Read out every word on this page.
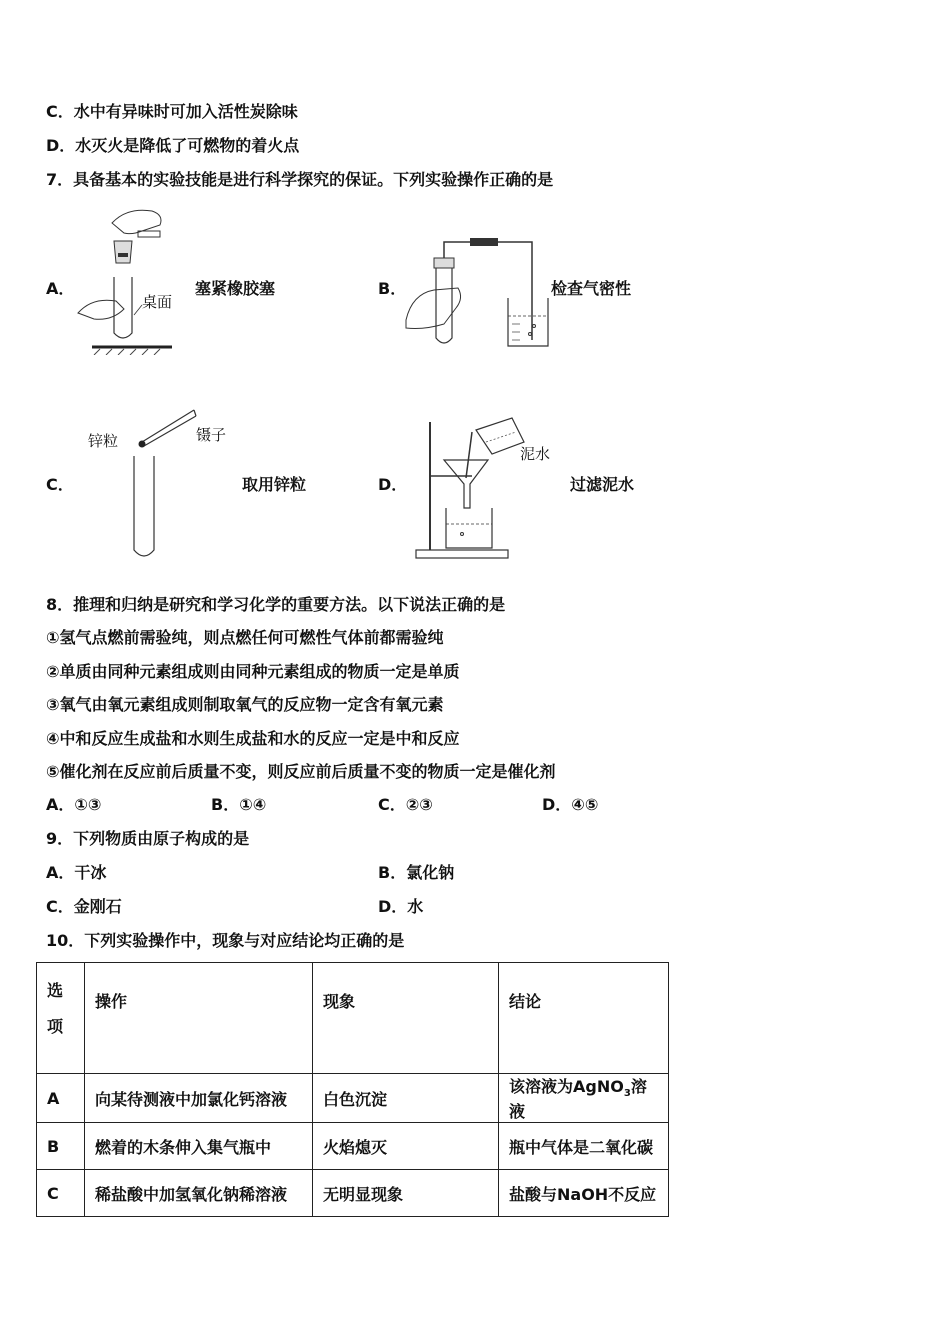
C．水中有异味时可加入活性炭除味
D．水灭火是降低了可燃物的着火点
7．具备基本的实验技能是进行科学探究的保证。下列实验操作正确的是
A．
桌面
塞紧橡胶塞	B．	检查气密性
C．
锌粒	镊子
取用锌粒	D．
泥水
过滤泥水
8．推理和归纳是研究和学习化学的重要方法。以下说法正确的是
①氢气点燃前需验纯，则点燃任何可燃性气体前都需验纯
②单质由同种元素组成则由同种元素组成的物质一定是单质
③氧气由氧元素组成则制取氧气的反应物一定含有氧元素
④中和反应生成盐和水则生成盐和水的反应一定是中和反应
⑤催化剂在反应前后质量不变，则反应前后质量不变的物质一定是催化剂
A．①③	B．①④	C．②③	D．④⑤
9．下列物质由原子构成的是
A．干冰	B．氯化钠
C．金刚石	D．水
10．下列实验操作中，现象与对应结论均正确的是
选
项	操作	现象	结论
A	向某待测液中加氯化钙溶液	白色沉淀	该溶液为AgNO$_3$溶液
B	燃着的木条伸入集气瓶中	火焰熄灭	瓶中气体是二氧化碳
C	稀盐酸中加氢氧化钠稀溶液	无明显现象	盐酸与NaOH不反应
